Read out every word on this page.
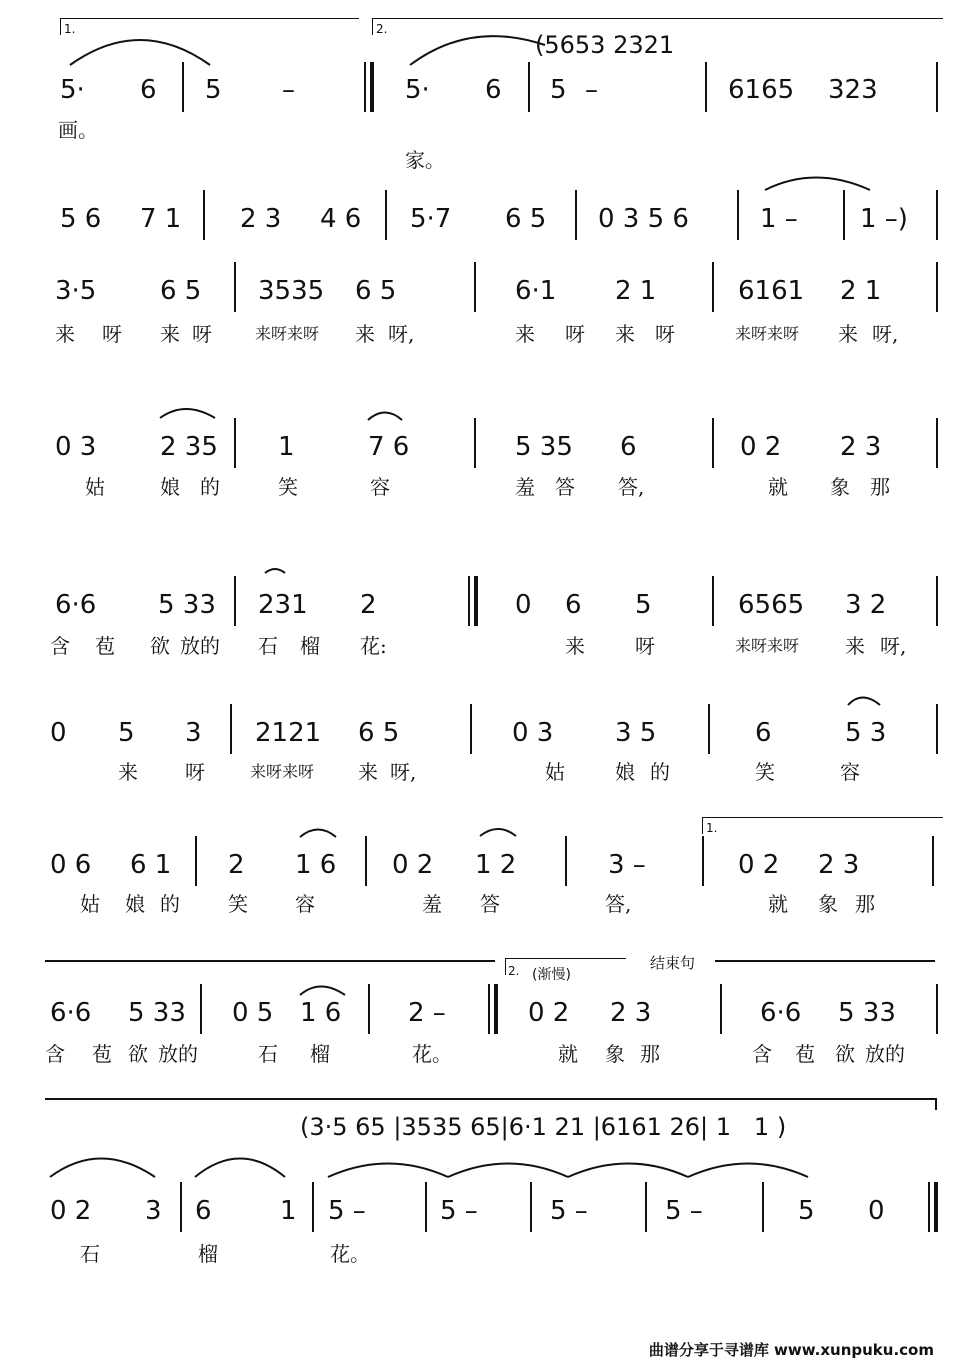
1.	2.
(5653 2321
5· 6 5 –	5· 6 5 –	6165 323
画。
家。
5 6 7 1 2 3 4 6 5·7 6 5 0 3 5 6	1 – 1 –)
3·5 6 5 3535 6 5	6·1 2 1	6161 2 1
来 呀 来 呀	来呀来呀 来 呀,	来 呀 来 呀	来呀来呀 来 呀,
0 3 2 35 1	7 6	5 35 6	0 2 2 3
姑	娘 的	笑	容	羞 答 答,	就 象 那
6·6 5 33 231 2	0 6 5	6565 3 2
含 苞 欲 放的 石 榴 花:	来	呀	来呀来呀 来 呀,
0 5 3 2121 6 5	0 3 3 5	6	5 3
来 呀	来呀来呀 来 呀,	姑	娘 的	笑	容
1.
0 6 6 1 2 1 6 0 2 1 2	3 –	0 2 2 3
姑 娘 的 笑 容	羞 答	答,	就 象 那
2. (渐慢)
结束句
6·6 5 33 0 5 1 6	2 –	0 2 2 3	6·6 5 33
含 苞 欲 放的	石 榴	花。	就 象 那	含 苞 欲 放的
(3·5 65 |3535 65|6·1 21 |6161 26| 1   1 )
0 2 3 6	1 5 –	5 –	5 –	5 –	5 0
石	榴	花。
曲谱分享于寻谱库 www.xunpuku.com
